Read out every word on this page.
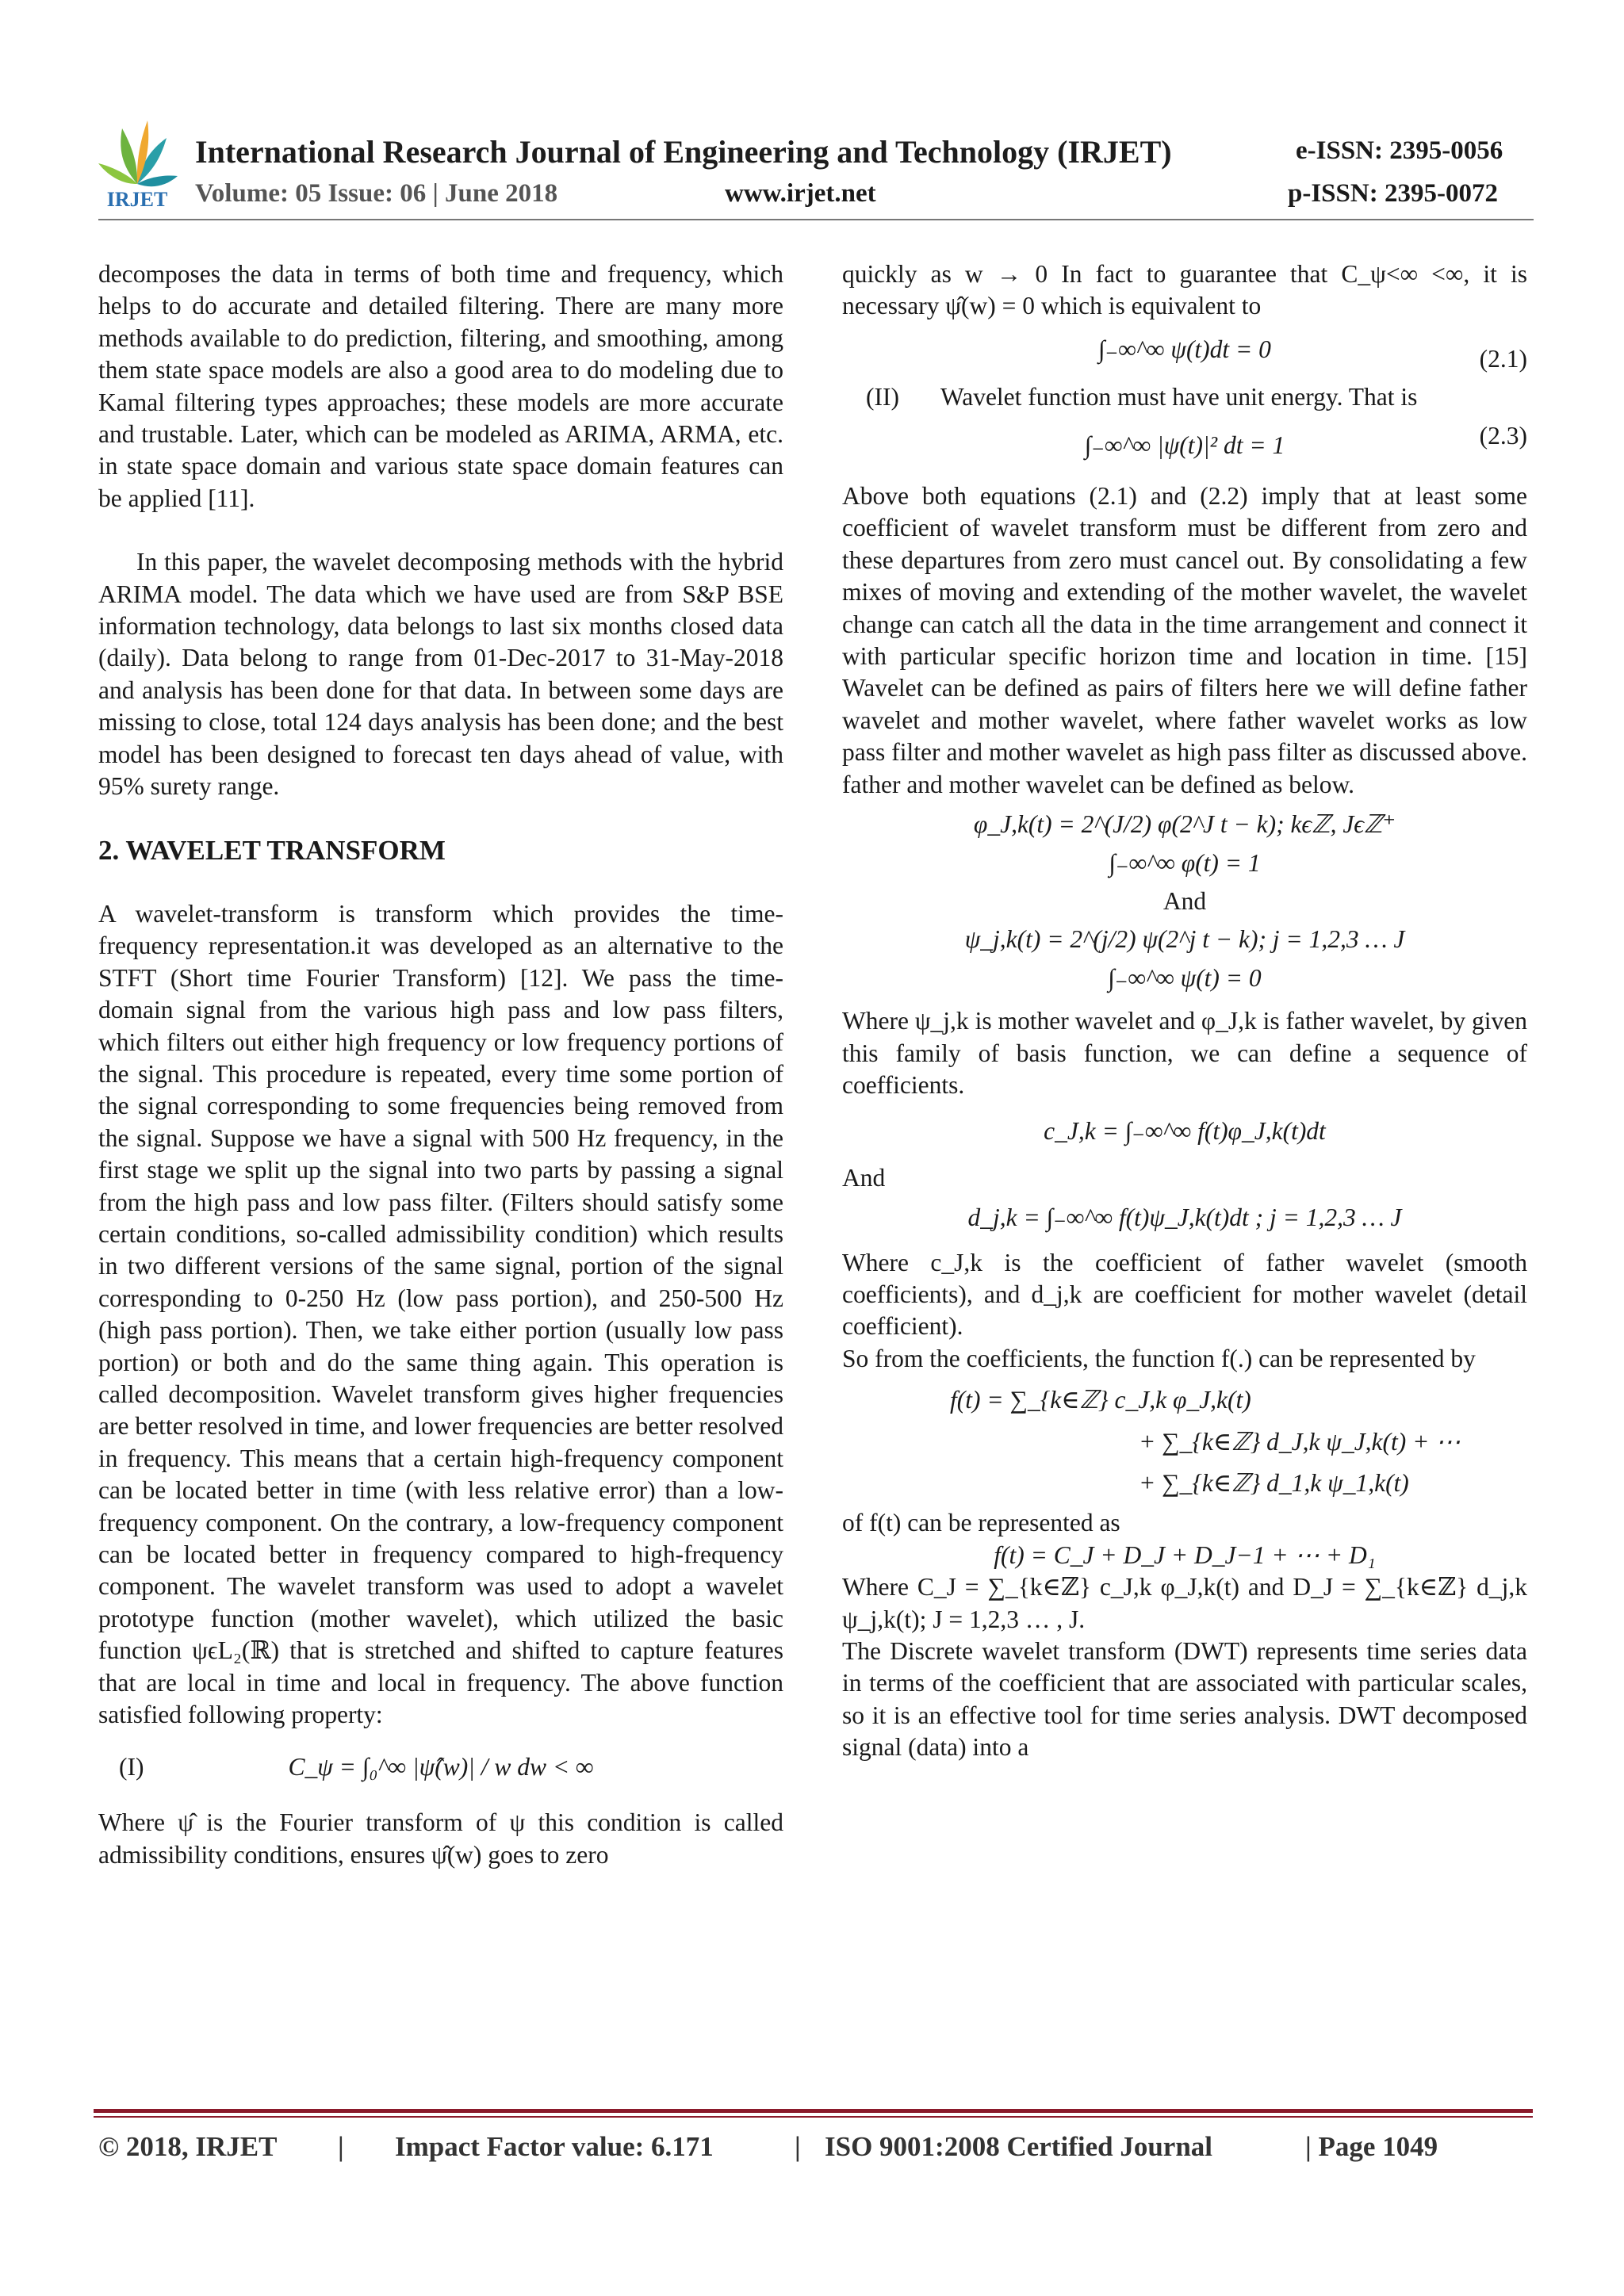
IRJET
International Research Journal of Engineering and Technology (IRJET)	e-ISSN: 2395-0056
Volume: 05 Issue: 06 | June 2018	www.irjet.net	p-ISSN: 2395-0072

decomposes the data in terms of both time and frequency, which helps to do accurate and detailed filtering. There are many more methods available to do prediction, filtering, and smoothing, among them state space models are also a good area to do modeling due to Kamal filtering types approaches; these models are more accurate and trustable. Later, which can be modeled as ARIMA, ARMA, etc. in state space domain and various state space domain features can be applied [11].

In this paper, the wavelet decomposing methods with the hybrid ARIMA model. The data which we have used are from S&P BSE information technology, data belongs to last six months closed data (daily). Data belong to range from 01-Dec-2017 to 31-May-2018 and analysis has been done for that data. In between some days are missing to close, total 124 days analysis has been done; and the best model has been designed to forecast ten days ahead of value, with 95% surety range.

2. WAVELET TRANSFORM

A wavelet-transform is transform which provides the time-frequency representation.it was developed as an alternative to the STFT (Short time Fourier Transform) [12]. We pass the time-domain signal from the various high pass and low pass filters, which filters out either high frequency or low frequency portions of the signal. This procedure is repeated, every time some portion of the signal corresponding to some frequencies being removed from the signal. Suppose we have a signal with 500 Hz frequency, in the first stage we split up the signal into two parts by passing a signal from the high pass and low pass filter. (Filters should satisfy some certain conditions, so-called admissibility condition) which results in two different versions of the same signal, portion of the signal corresponding to 0-250 Hz (low pass portion), and 250-500 Hz (high pass portion). Then, we take either portion (usually low pass portion) or both and do the same thing again. This operation is called decomposition. Wavelet transform gives higher frequencies are better resolved in time, and lower frequencies are better resolved in frequency. This means that a certain high-frequency component can be located better in time (with less relative error) than a low-frequency component. On the contrary, a low-frequency component can be located better in frequency compared to high-frequency component. The wavelet transform was used to adopt a wavelet prototype function (mother wavelet), which utilized the basic function ψϵL₂(ℝ) that is stretched and shifted to capture features that are local in time and local in frequency. The above function satisfied following property:

(I)	C_ψ = ∫₀^∞ |ψ̂(w)| / w dw < ∞

Where ψ̂ is the Fourier transform of ψ this condition is called admissibility conditions, ensures ψ̂(w) goes to zero

quickly as w → 0 In fact to guarantee that C_ψ<∞ <∞, it is necessary ψ̂(w) = 0 which is equivalent to

∫₋∞^∞ ψ(t)dt = 0	(2.1)
(II)	Wavelet function must have unit energy. That is
∫₋∞^∞ |ψ(t)|² dt = 1	(2.3)

Above both equations (2.1) and (2.2) imply that at least some coefficient of wavelet transform must be different from zero and these departures from zero must cancel out. By consolidating a few mixes of moving and extending of the mother wavelet, the wavelet change can catch all the data in the time arrangement and connect it with particular specific horizon time and location in time. [15] Wavelet can be defined as pairs of filters here we will define father wavelet and mother wavelet, where father wavelet works as low pass filter and mother wavelet as high pass filter as discussed above. father and mother wavelet can be defined as below.

φ_J,k(t) = 2^(J/2) φ(2^J t − k); kϵℤ, Jϵℤ⁺
∫₋∞^∞ φ(t) = 1
And
ψ_j,k(t) = 2^(j/2) ψ(2^j t − k); j = 1,2,3 … J
∫₋∞^∞ ψ(t) = 0

Where ψ_j,k is mother wavelet and φ_J,k is father wavelet, by given this family of basis function, we can define a sequence of coefficients.

c_J,k = ∫₋∞^∞ f(t)φ_J,k(t)dt

And

d_j,k = ∫₋∞^∞ f(t)ψ_J,k(t)dt ; j = 1,2,3 … J

Where c_J,k is the coefficient of father wavelet (smooth coefficients), and d_j,k are coefficient for mother wavelet (detail coefficient).

So from the coefficients, the function f(.) can be represented by

f(t) = ∑_{k∈ℤ} c_J,k φ_J,k(t)
+ ∑_{k∈ℤ} d_J,k ψ_J,k(t) + ⋯
+ ∑_{k∈ℤ} d_1,k ψ_1,k(t)

of f(t) can be represented as

f(t) = C_J + D_J + D_J−1 + ⋯ + D₁

Where C_J = ∑_{k∈ℤ} c_J,k φ_J,k(t) and D_J = ∑_{k∈ℤ} d_j,k ψ_j,k(t); J = 1,2,3 … , J.

The Discrete wavelet transform (DWT) represents time series data in terms of the coefficient that are associated with particular scales, so it is an effective tool for time series analysis. DWT decomposed signal (data) into a

© 2018, IRJET | Impact Factor value: 6.171	| ISO 9001:2008 Certified Journal	| Page 1049
